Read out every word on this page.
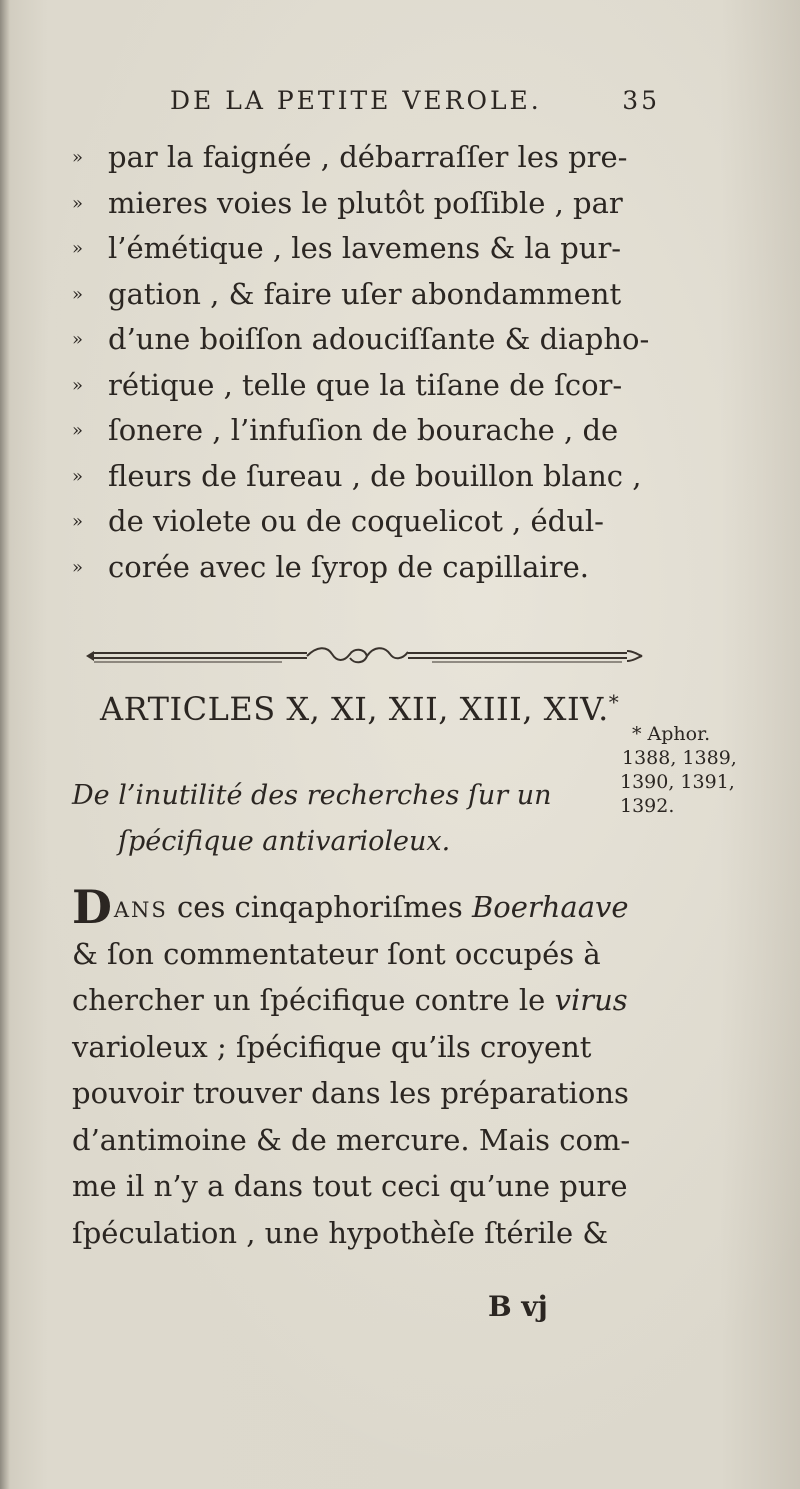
DE LA PETITE VEROLE.	35
» par la faignée , débarraſſer les pre-
» mieres voies le plutôt poſſible , par
» l’émétique , les lavemens & la pur-
» gation , & faire uſer abondamment
» d’une boiſſon adouciſſante & diapho-
» rétique , telle que la tiſane de ſcor-
» ſonere , l’infuſion de bourache , de
» fleurs de ſureau , de bouillon blanc ,
» de violete ou de coquelicot , édul-
» corée avec le ſyrop de capillaire.
ARTICLES X, XI, XII, XIII, XIV.*
De l’inutilité des recherches ſur un
ſpécifique antivarioleux.
* Aphor.
1388, 1389,
1390, 1391,
1392.
DANS ces cinqaphoriſmes Boerhaave
& ſon commentateur ſont occupés à
chercher un ſpécifique contre le virus
varioleux ; ſpécifique qu’ils croyent
pouvoir trouver dans les préparations
d’antimoine & de mercure. Mais com-
me il n’y a dans tout ceci qu’une pure
ſpéculation , une hypothèſe ſtérile &
B vj
